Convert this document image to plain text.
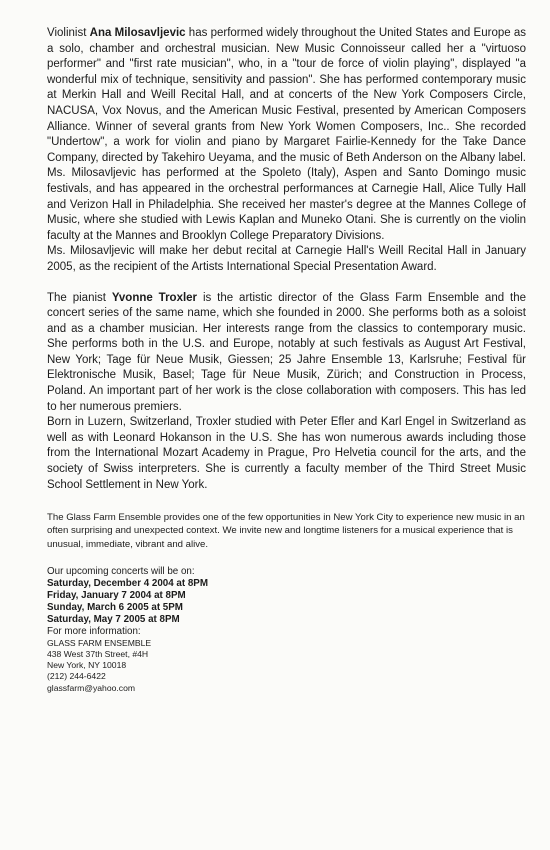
Violinist Ana Milosavljevic has performed widely throughout the United States and Europe as a solo, chamber and orchestral musician. New Music Connoisseur called her a "virtuoso performer" and "first rate musician", who, in a "tour de force of violin playing", displayed "a wonderful mix of technique, sensitivity and passion". She has performed contemporary music at Merkin Hall and Weill Recital Hall, and at concerts of the New York Composers Circle, NACUSA, Vox Novus, and the American Music Festival, presented by American Composers Alliance. Winner of several grants from New York Women Composers, Inc.. She recorded "Undertow", a work for violin and piano by Margaret Fairlie-Kennedy for the Take Dance Company, directed by Takehiro Ueyama, and the music of Beth Anderson on the Albany label. Ms. Milosavljevic has performed at the Spoleto (Italy), Aspen and Santo Domingo music festivals, and has appeared in the orchestral performances at Carnegie Hall, Alice Tully Hall and Verizon Hall in Philadelphia. She received her master's degree at the Mannes College of Music, where she studied with Lewis Kaplan and Muneko Otani. She is currently on the violin faculty at the Mannes and Brooklyn College Preparatory Divisions.

Ms. Milosavljevic will make her debut recital at Carnegie Hall's Weill Recital Hall in January 2005, as the recipient of the Artists International Special Presentation Award.

The pianist Yvonne Troxler is the artistic director of the Glass Farm Ensemble and the concert series of the same name, which she founded in 2000. She performs both as a soloist and as a chamber musician. Her interests range from the classics to contemporary music. She performs both in the U.S. and Europe, notably at such festivals as August Art Festival, New York; Tage für Neue Musik, Giessen; 25 Jahre Ensemble 13, Karlsruhe; Festival für Elektronische Musik, Basel; Tage für Neue Musik, Zürich; and Construction in Process, Poland. An important part of her work is the close collaboration with composers. This has led to her numerous premiers.

Born in Luzern, Switzerland, Troxler studied with Peter Efler and Karl Engel in Switzerland as well as with Leonard Hokanson in the U.S. She has won numerous awards including those from the International Mozart Academy in Prague, Pro Helvetia council for the arts, and the society of Swiss interpreters. She is currently a faculty member of the Third Street Music School Settlement in New York.

The Glass Farm Ensemble provides one of the few opportunities in New York City to experience new music in an often surprising and unexpected context. We invite new and longtime listeners for a musical experience that is unusual, immediate, vibrant and alive.

Our upcoming concerts will be on:

Saturday, December 4 2004 at 8PM

Friday, January 7 2004 at 8PM

Sunday, March 6 2005 at 5PM

Saturday, May 7 2005 at 8PM

For more information:

GLASS FARM ENSEMBLE
438 West 37th Street, #4H
New York, NY 10018
(212) 244-6422
glassfarm@yahoo.com
